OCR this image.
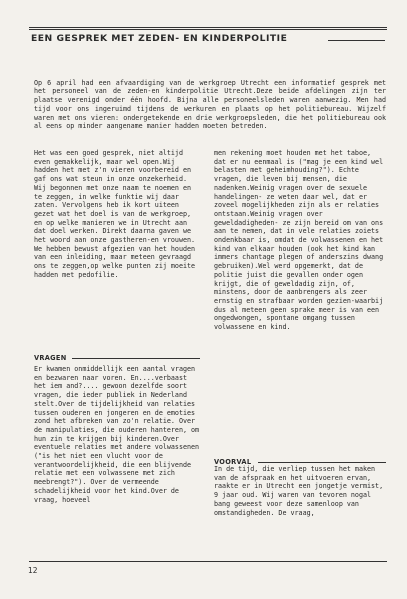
EEN GESPREK MET ZEDEN- EN KINDERPOLITIE

Op 6 april had een afvaardiging van de werkgroep Utrecht een informatief gesprek met het personeel van de zeden-en kinderpolitie Utrecht.Deze beide afdelingen zijn ter plaatse verenigd onder één hoofd. Bijna alle personeelsleden waren aanwezig. Men had tijd voor ons ingeruimd tijdens de werkuren en plaats op het politiebureau. Wijzelf waren met ons vieren: ondergetekende en drie werkgroepsleden, die het politiebureau ook al eens op minder aangename manier hadden moeten betreden.

Het was een goed gesprek, niet altijd even gemakkelijk, maar wel open.Wij hadden het met z'n vieren voorbereid en gaf ons wat steun in onze onzekerheid. Wij begonnen met onze naam te noemen en te zeggen, in welke funktie wij daar zaten. Vervolgens heb ik kort uiteen gezet wat het doel is van de werkgroep, en op welke manieren we in Utrecht aan dat doel werken. Direkt daarna gaven we het woord aan onze gastheren-en vrouwen. We hebben bewust afgezien van het houden van een inleiding, maar meteen gevraagd ons te zeggen,op welke punten zij moeite hadden met pedofilie.

VRAGEN

Er kwamen onmiddellijk een aantal vragen en bezwaren naar voren. En....verbaast het iem and?.... gewoon dezelfde soort vragen, die ieder publiek in Nederland stelt.Over de tijdelijkheid van relaties tussen ouderen en jongeren en de emoties zond het afbreken van zo'n relatie. Over de manipulaties, die ouderen hanteren, om hun zin te krijgen bij kinderen.Over eventuele relaties met andere volwassenen ("is het niet een vlucht voor de verantwoordelijkheid, die een blijvende relatie met een volwassene met zich meebrengt?"). Over de vermeende schadelijkheid voor het kind.Over de vraag, hoeveel

men rekening moet houden met het taboe, dat er nu eenmaal is ("mag je een kind wel belasten met geheimhouding?"). Echte vragen, die leven bij mensen, die nadenken.Weinig vragen over de sexuele handelingen- ze weten daar wel, dat er zoveel mogelijkheden zijn als er relaties ontstaan.Weinig vragen over geweldadigheden- ze zijn bereid om van ons aan te nemen, dat in vele relaties zoiets ondenkbaar is, omdat de volwassenen en het kind van elkaar houden (ook het kind kan immers chantage plegen of anderszins dwang gebruiken).Wel werd opgemerkt, dat de politie juist die gevallen onder ogen krijgt, die of geweldadig zijn, of, minstens, door de aanbrengers als zeer ernstig en strafbaar worden gezien-waarbij dus al meteen geen sprake meer is van een ongedwongen, spontane omgang tussen volwassene en kind.

VOORVAL

In de tijd, die verliep tussen het maken van de afspraak en het uitvoeren ervan, raakte er in Utrecht een jongetje vermist, 9 jaar oud. Wij waren van tevoren nogal bang geweest voor deze samenloop van omstandigheden. De vraag,

12
